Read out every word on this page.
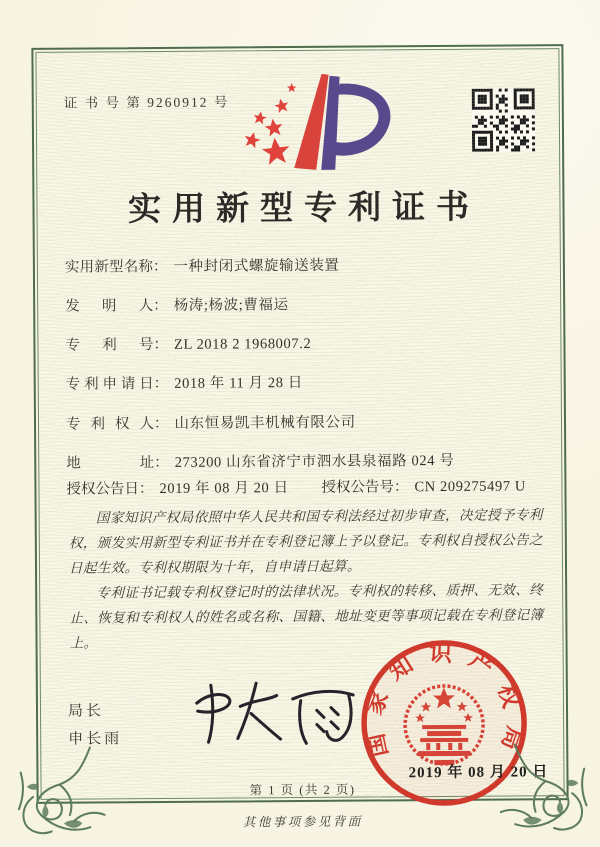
证 书 号 第 9260912 号
实用新型专利证书
实用新型名称： 一种封闭式螺旋输送装置
发明人： 杨涛;杨波;曹福运
专利号： ZL 2018 2 1968007.2
专利申请日： 2018 年 11 月 28 日
专利权人： 山东恒易凯丰机械有限公司
地址： 273200 山东省济宁市泗水县泉福路 024 号
授权公告日： 2019 年 08 月 20 日 授权公告号： CN 209275497 U

国家知识产权局依照中华人民共和国专利法经过初步审查，决定授予专利权，颁发实用新型专利证书并在专利登记簿上予以登记。专利权自授权公告之日起生效。专利权期限为十年，自申请日起算。

专利证书记载专利权登记时的法律状况。专利权的转移、质押、无效、终止、恢复和专利权人的姓名或名称、国籍、地址变更等事项记载在专利登记簿上。

局长
申长雨	国家知识产权局
2019 年 08 月 20 日
第 1 页 (共 2 页)
其他事项参见背面
